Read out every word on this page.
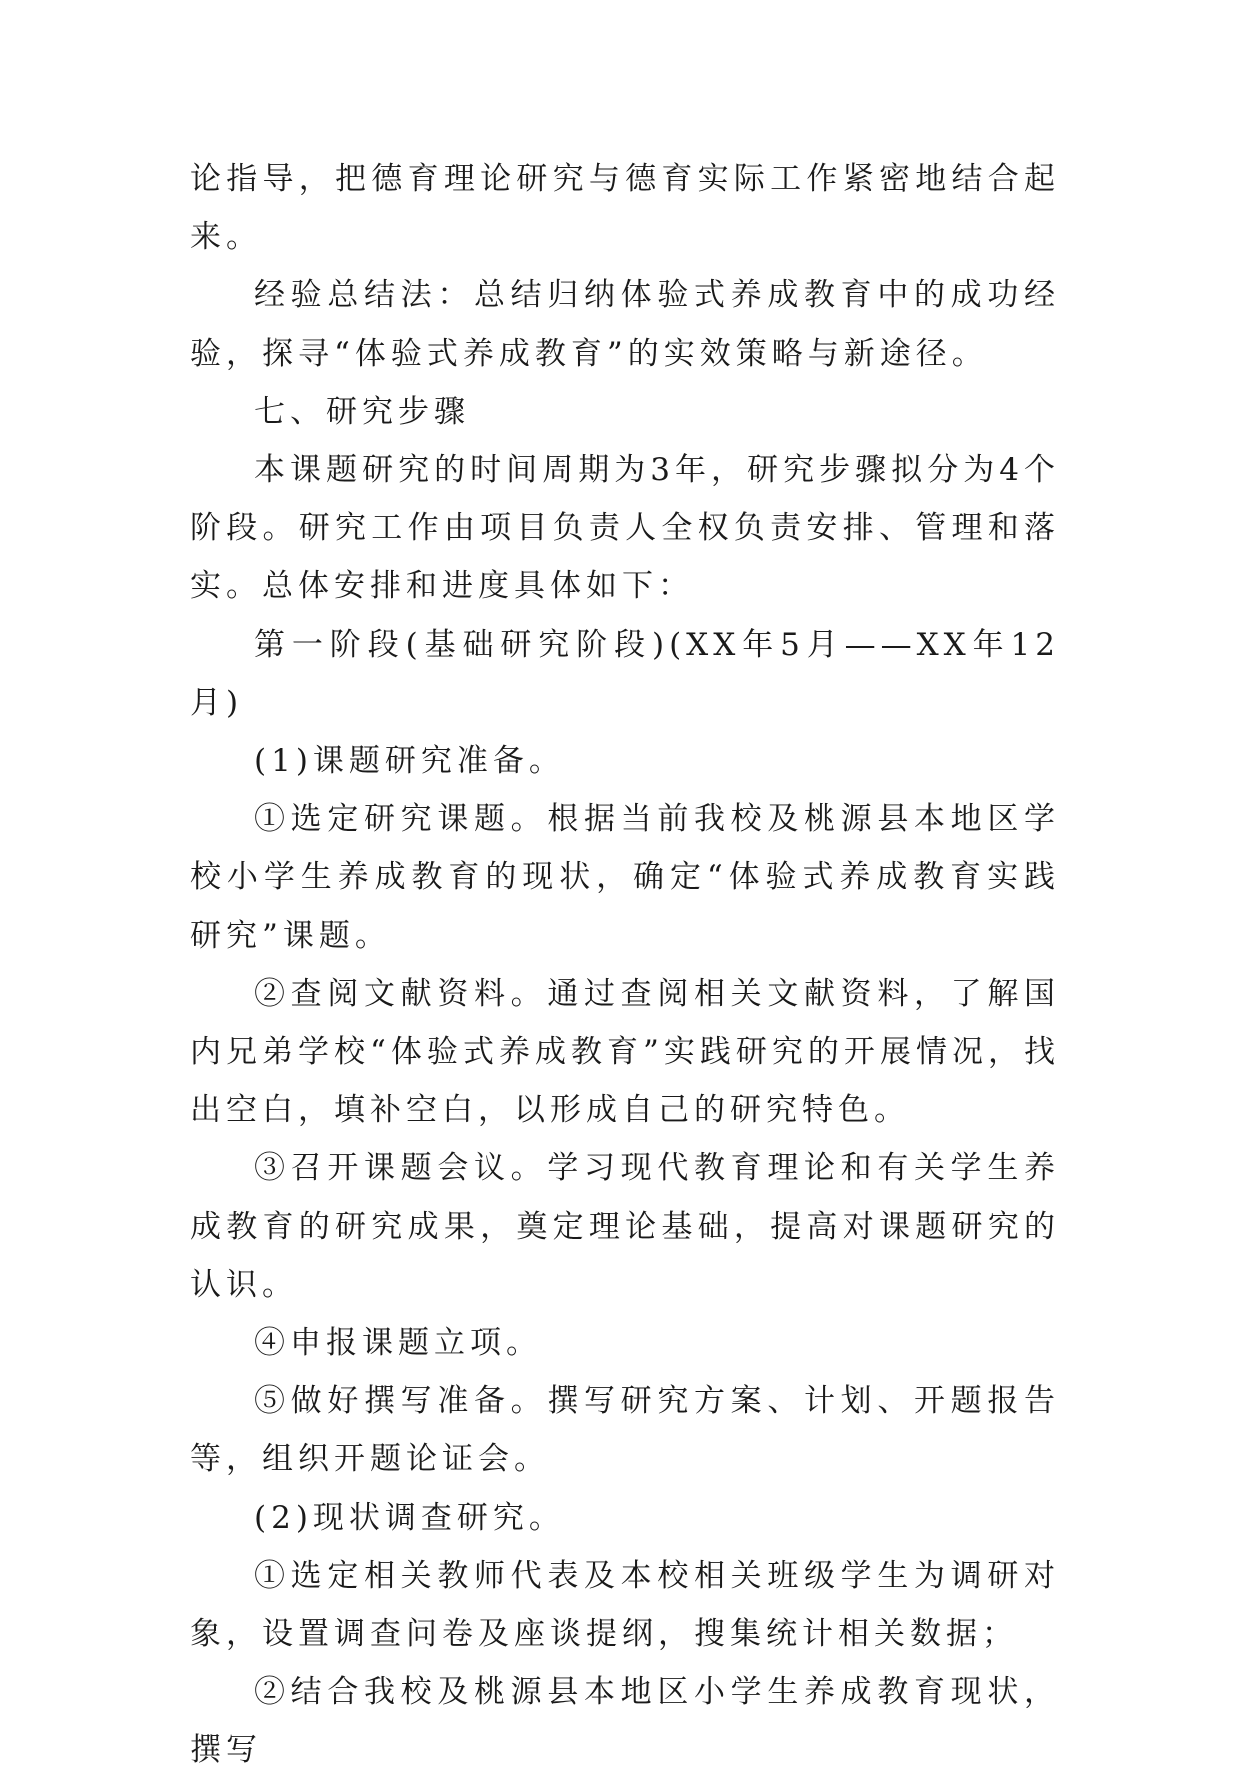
论指导，把德育理论研究与德育实际工作紧密地结合起来。

经验总结法：总结归纳体验式养成教育中的成功经验，探寻“体验式养成教育”的实效策略与新途径。

七、研究步骤

本课题研究的时间周期为3年，研究步骤拟分为4个阶段。研究工作由项目负责人全权负责安排、管理和落实。总体安排和进度具体如下：

第一阶段(基础研究阶段)(XX年5月——XX年12月)

(1)课题研究准备。

①选定研究课题。根据当前我校及桃源县本地区学校小学生养成教育的现状，确定“体验式养成教育实践研究”课题。

②查阅文献资料。通过查阅相关文献资料，了解国内兄弟学校“体验式养成教育”实践研究的开展情况，找出空白，填补空白，以形成自己的研究特色。

③召开课题会议。学习现代教育理论和有关学生养成教育的研究成果，奠定理论基础，提高对课题研究的认识。

④申报课题立项。

⑤做好撰写准备。撰写研究方案、计划、开题报告等，组织开题论证会。

(2)现状调查研究。

①选定相关教师代表及本校相关班级学生为调研对象，设置调查问卷及座谈提纲，搜集统计相关数据；

②结合我校及桃源县本地区小学生养成教育现状，撰写
